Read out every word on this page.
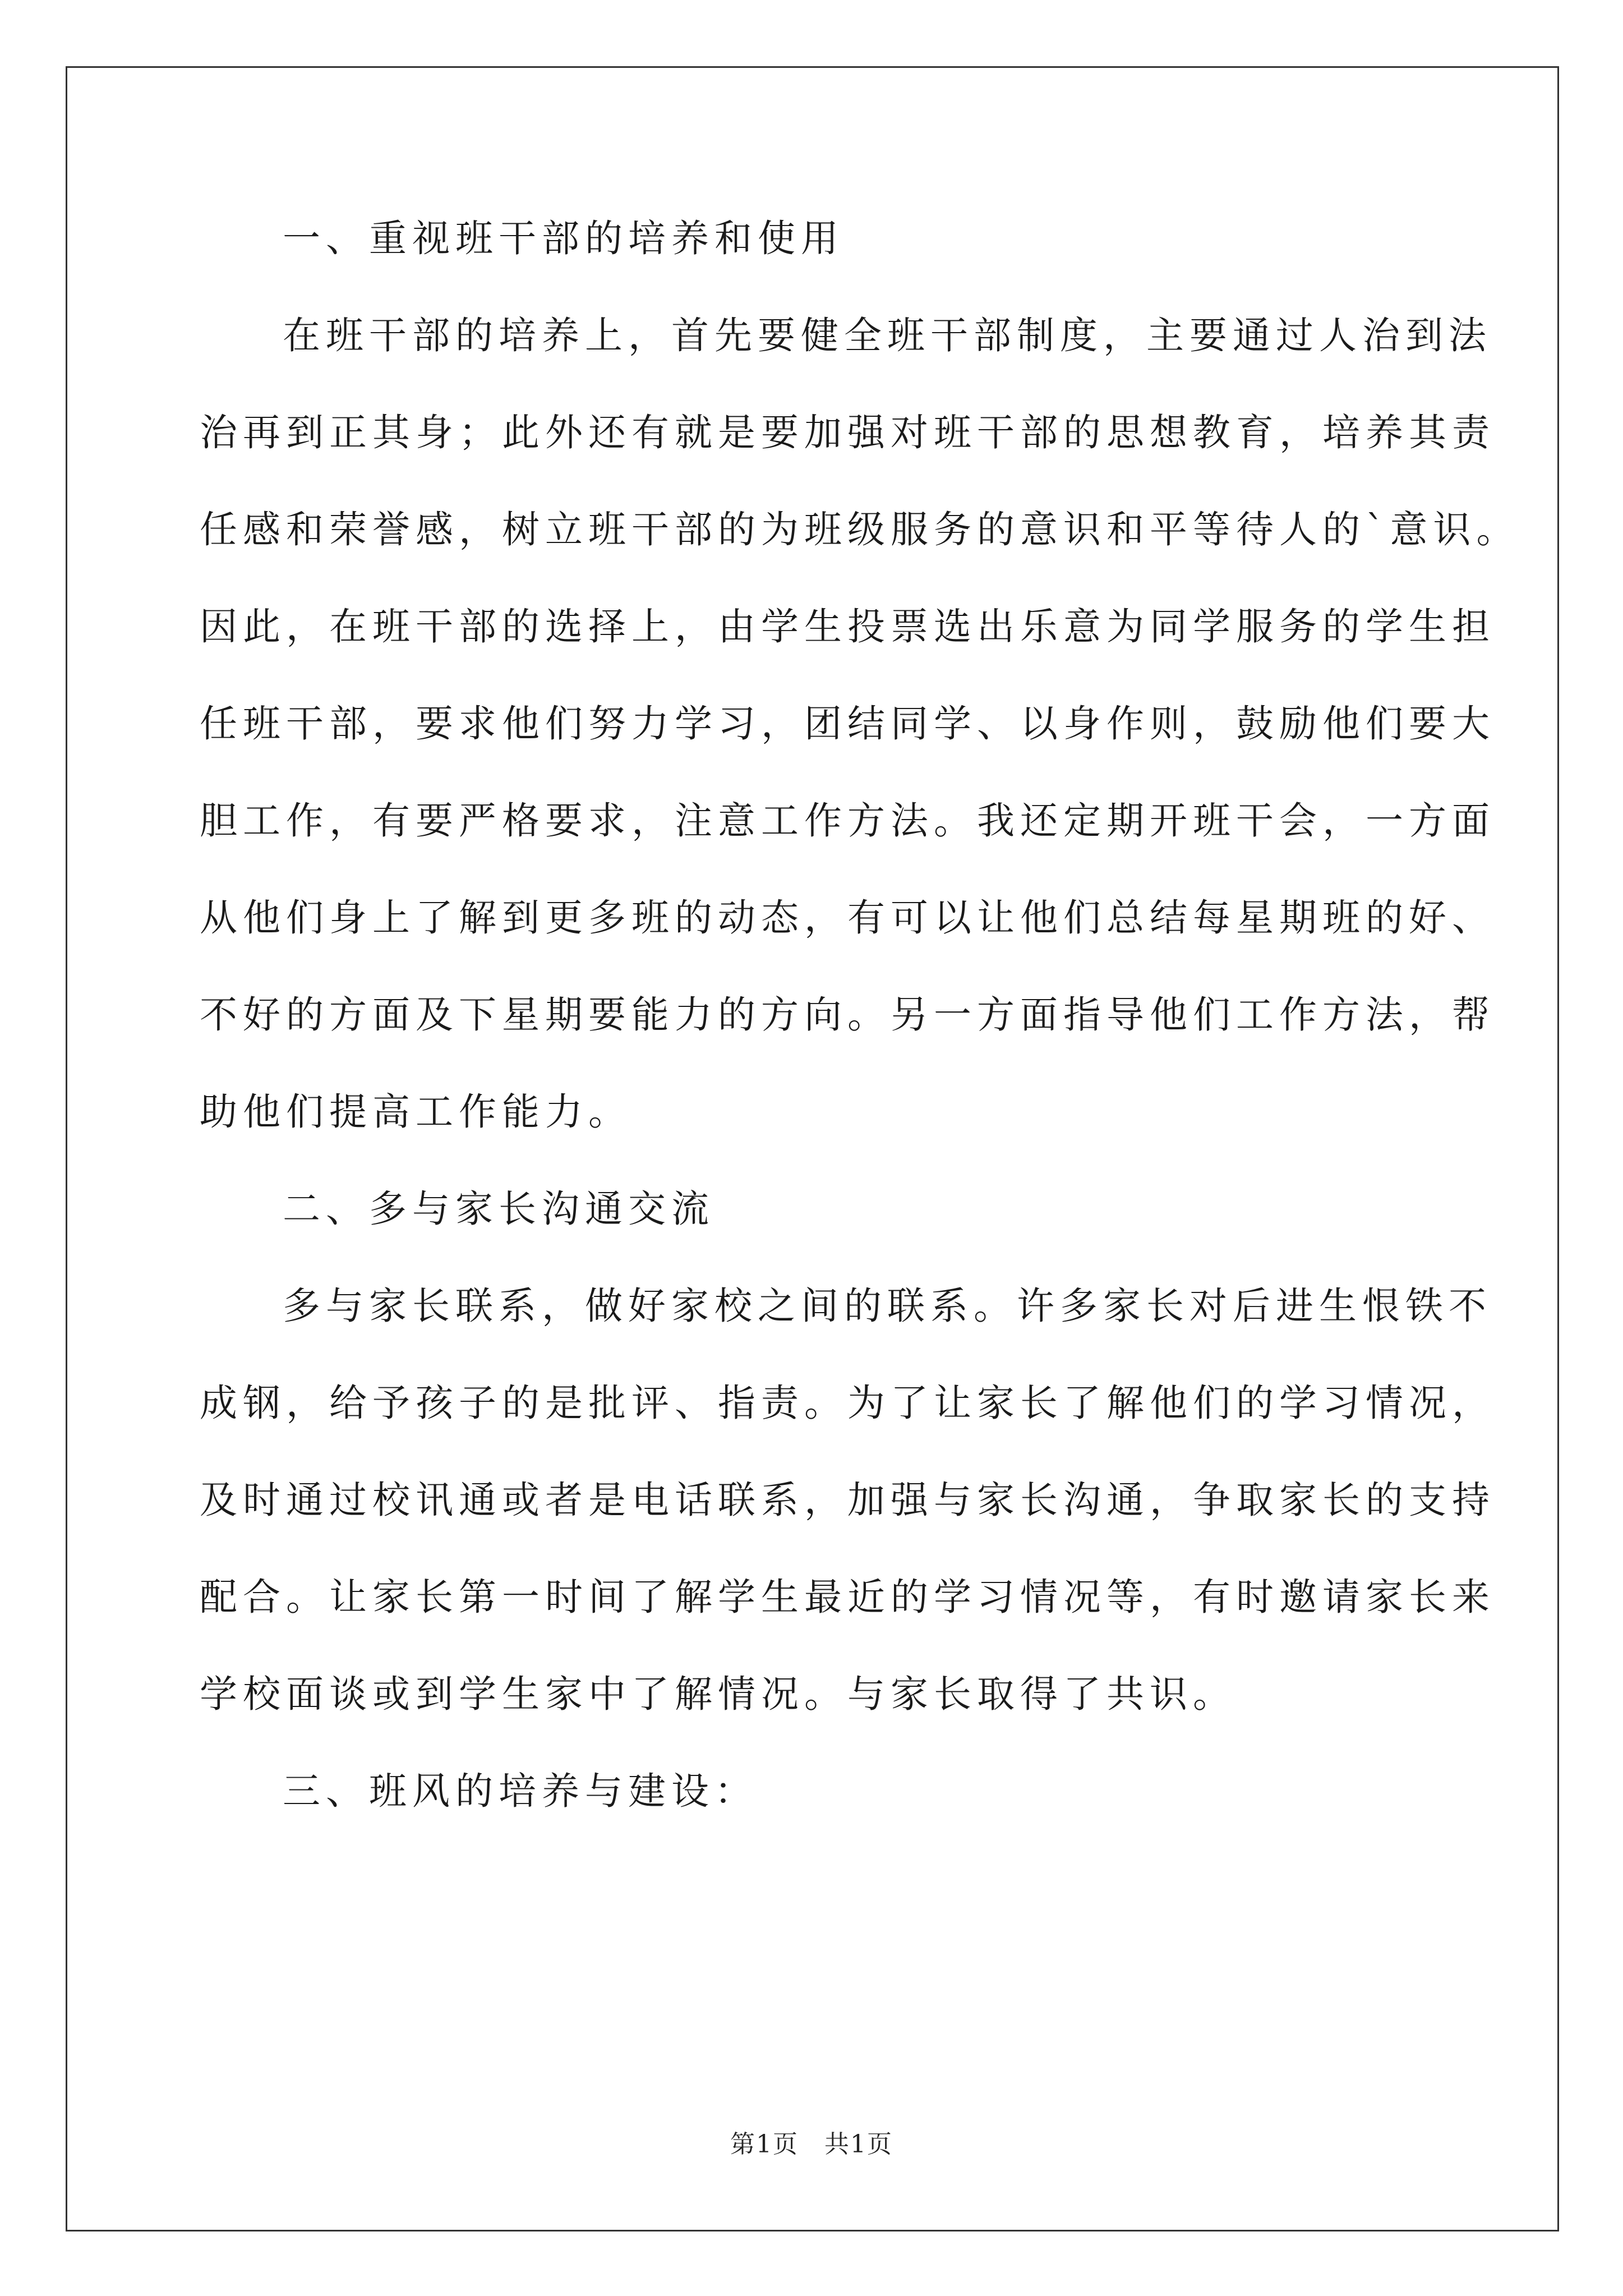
一、重视班干部的培养和使用
在班干部的培养上，首先要健全班干部制度，主要通过人治到法
治再到正其身；此外还有就是要加强对班干部的思想教育，培养其责
任感和荣誉感，树立班干部的为班级服务的意识和平等待人的`意识。
因此，在班干部的选择上，由学生投票选出乐意为同学服务的学生担
任班干部，要求他们努力学习，团结同学、以身作则，鼓励他们要大
胆工作，有要严格要求，注意工作方法。我还定期开班干会，一方面
从他们身上了解到更多班的动态，有可以让他们总结每星期班的好、
不好的方面及下星期要能力的方向。另一方面指导他们工作方法，帮
助他们提高工作能力。
二、多与家长沟通交流
多与家长联系，做好家校之间的联系。许多家长对后进生恨铁不
成钢，给予孩子的是批评、指责。为了让家长了解他们的学习情况，
及时通过校讯通或者是电话联系，加强与家长沟通，争取家长的支持
配合。让家长第一时间了解学生最近的学习情况等，有时邀请家长来
学校面谈或到学生家中了解情况。与家长取得了共识。
三、班风的培养与建设：
第1页　共1页
